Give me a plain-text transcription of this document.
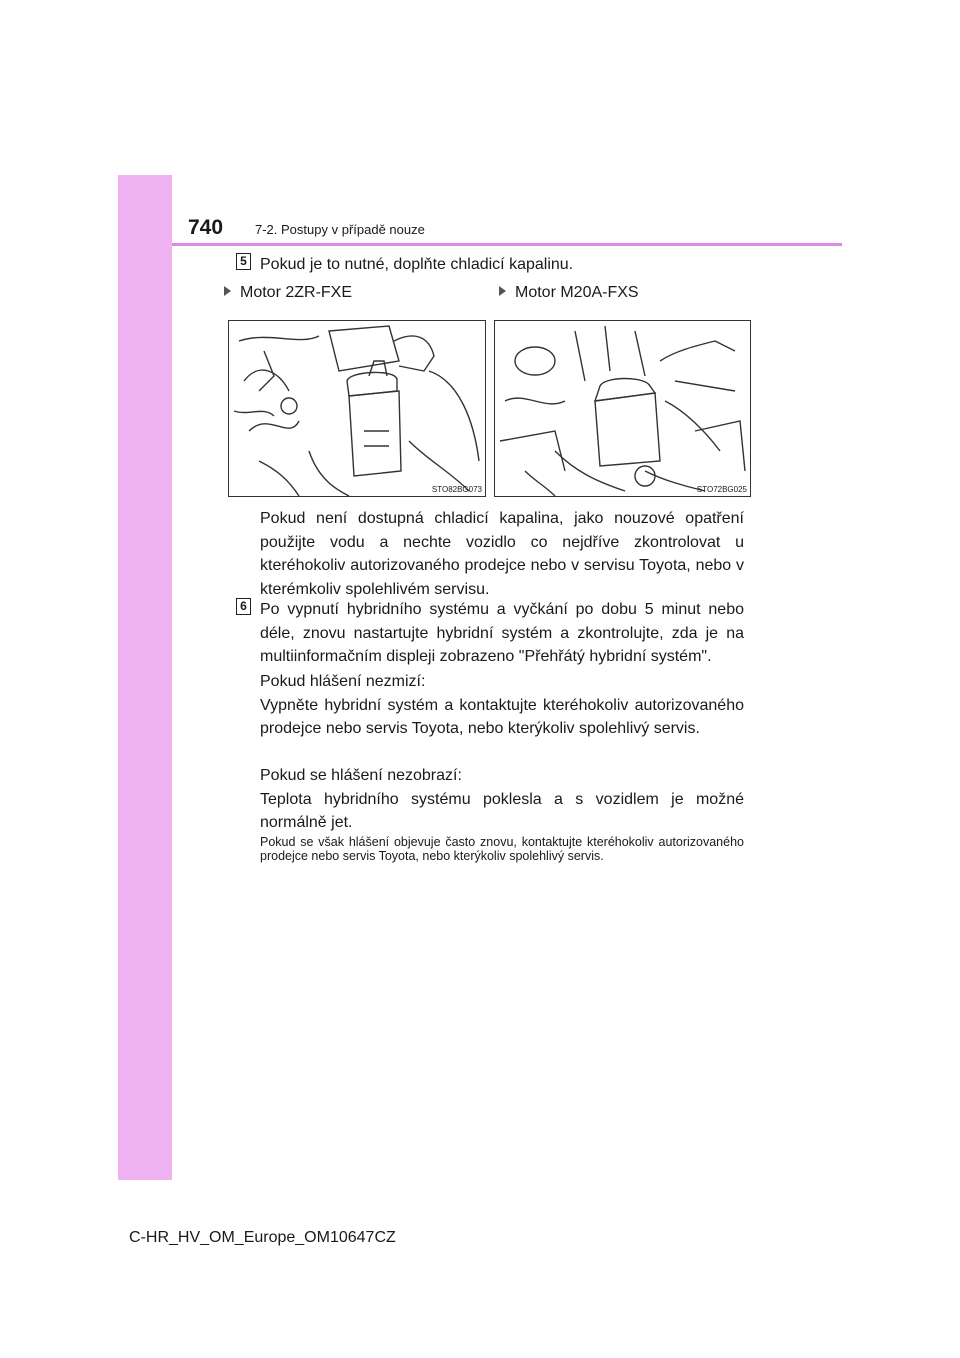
740 7-2. Postupy v případě nouze
5 Pokud je to nutné, doplňte chladicí kapalinu.
Motor 2ZR-FXE	Motor M20A-FXS
STO82BG073	STO72BG025
Pokud není dostupná chladicí kapalina, jako nouzové opatření použijte vodu a nechte vozidlo co nejdříve zkontrolovat u kteréhokoliv autorizovaného prodejce nebo v servisu Toyota, nebo v kterémkoliv spolehlivém servisu.
6 Po vypnutí hybridního systému a vyčkání po dobu 5 minut nebo déle, znovu nastartujte hybridní systém a zkontrolujte, zda je na multiinformačním displeji zobrazeno "Přehřátý hybridní systém".
Pokud hlášení nezmizí:
Vypněte hybridní systém a kontaktujte kteréhokoliv autorizovaného prodejce nebo servis Toyota, nebo kterýkoliv spolehlivý servis.
Pokud se hlášení nezobrazí:
Teplota hybridního systému poklesla a s vozidlem je možné normálně jet.
Pokud se však hlášení objevuje často znovu, kontaktujte kteréhokoliv autorizovaného prodejce nebo servis Toyota, nebo kterýkoliv spolehlivý servis.
C-HR_HV_OM_Europe_OM10647CZ
